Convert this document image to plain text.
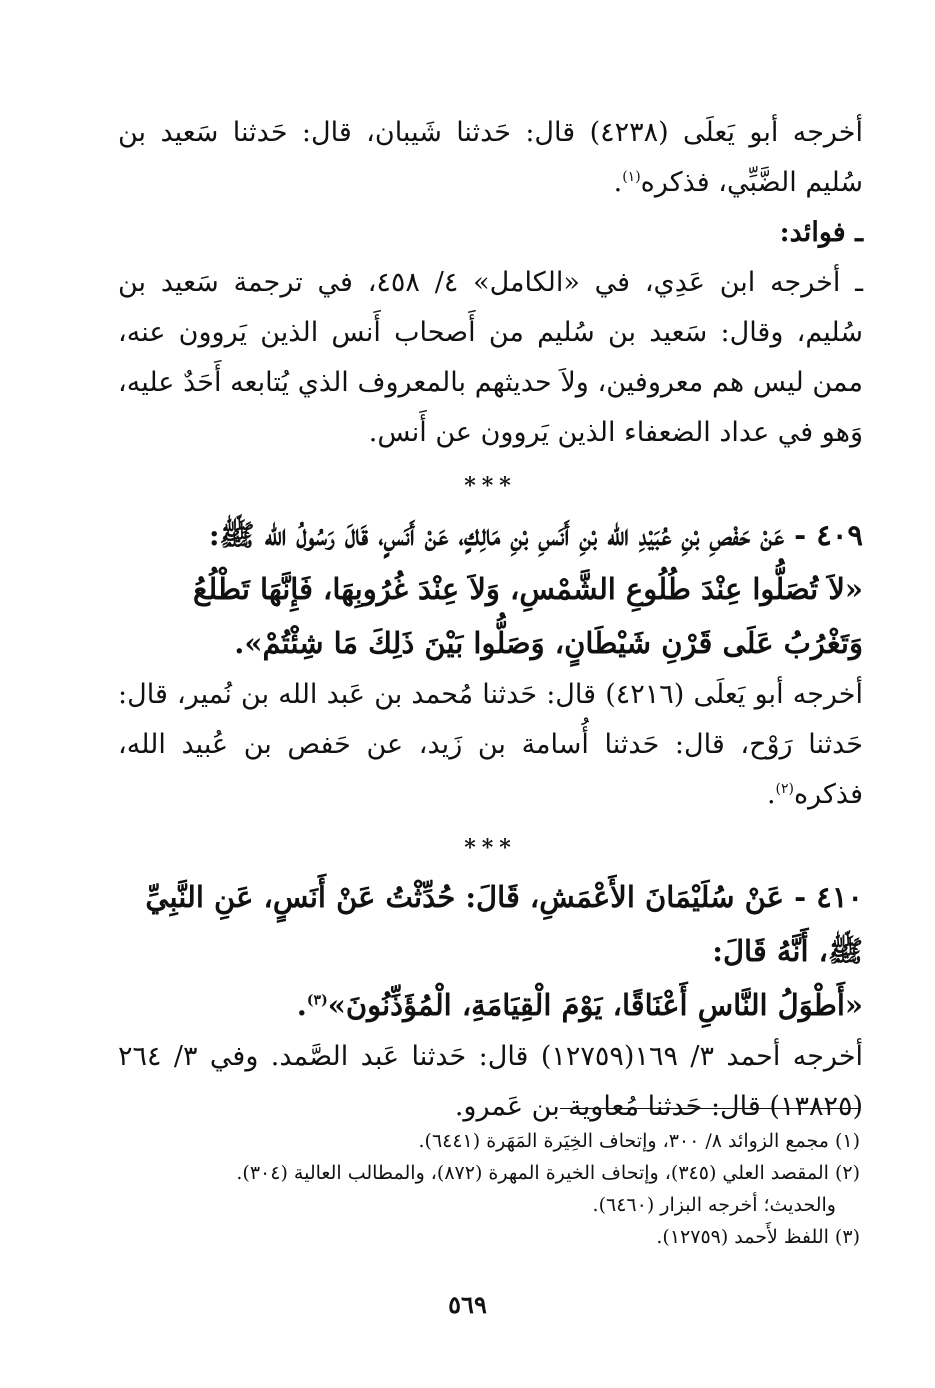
أخرجه أبو يَعلَى (٤٢٣٨) قال: حَدثنا شَيبان، قال: حَدثنا سَعيد بن سُليم الضَّبِّي، فذكره$^{(١)}$.

ـ فوائد:

ـ أخرجه ابن عَدِي، في «الكامل» ٤/ ٤٥٨، في ترجمة سَعيد بن سُليم، وقال: سَعيد بن سُليم من أَصحاب أَنس الذين يَروون عنه، ممن ليس هم معروفين، ولاَ حديثهم بالمعروف الذي يُتابعه أَحَدٌ عليه، وَهو في عداد الضعفاء الذين يَروون عن أَنس.

***

٤٠٩ - عَنْ حَفْصِ بْنِ عُبَيْدِ الله بْنِ أَنَسِ بْنِ مَالِكٍ، عَنْ أَنَسٍ، قَالَ رَسُولُ الله ﷺ:

«لاَ تُصَلُّوا عِنْدَ طُلُوعِ الشَّمْسِ، وَلاَ عِنْدَ غُرُوبِهَا، فَإِنَّهَا تَطْلُعُ وَتَغْرُبُ عَلَى قَرْنِ شَيْطَانٍ، وَصَلُّوا بَيْنَ ذَلِكَ مَا شِئْتُمْ».

أخرجه أبو يَعلَى (٤٢١٦) قال: حَدثنا مُحمد بن عَبد الله بن نُمير، قال: حَدثنا رَوْح، قال: حَدثنا أُسامة بن زَيد، عن حَفص بن عُبيد الله، فذكره$^{(٢)}$.

***

٤١٠ - عَنْ سُلَيْمَانَ الأَعْمَشِ، قَالَ: حُدِّثْتُ عَنْ أَنَسٍ، عَنِ النَّبِيِّ ﷺ، أَنَّهُ قَالَ:

«أَطْوَلُ النَّاسِ أَعْنَاقًا، يَوْمَ الْقِيَامَةِ، الْمُؤَذِّنُونَ»$^{(٣)}$.

أخرجه أحمد ٣/ ١٦٩(١٢٧٥٩) قال: حَدثنا عَبد الصَّمد. وفي ٣/ ٢٦٤ (١٣٨٢٥) قال: حَدثنا مُعاوية بن عَمرو.

(١) مجمع الزوائد ٨/ ٣٠٠، وإتحاف الخِيَرة المَهَرة (٦٤٤١).

(٢) المقصد العلي (٣٤٥)، وإتحاف الخيرة المهرة (٨٧٢)، والمطالب العالية (٣٠٤).

والحديث؛ أخرجه البزار (٦٤٦٠).

(٣) اللفظ لأَحمد (١٢٧٥٩).

٥٦٩
